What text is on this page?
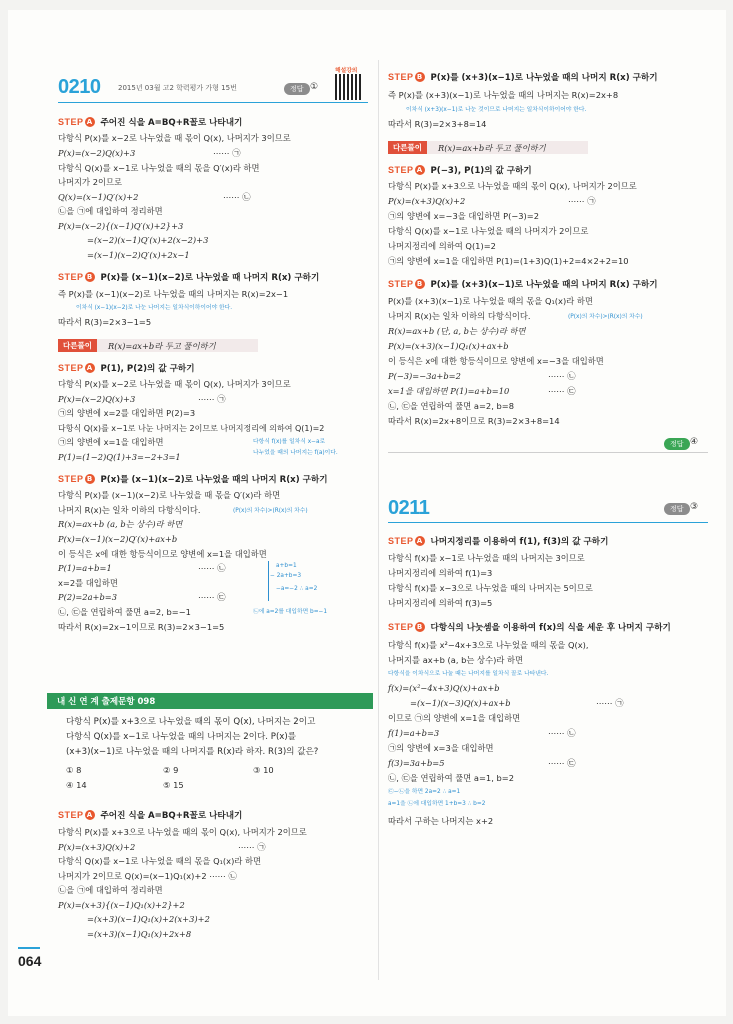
0210	2015년 03월 고2 학력평가 가형 15번	정답 ①
해설강의
STEP A 주어진 식을 A=BQ+R꼴로 나타내기
다항식 P(x)를 x−2로 나누었을 때 몫이 Q(x), 나머지가 3이므로
P(x)=(x−2)Q(x)+3	⋯⋯ ㉠
다항식 Q(x)를 x−1로 나누었을 때의 몫을 Q′(x)라 하면
나머지가 2이므로
Q(x)=(x−1)Q′(x)+2	⋯⋯ ㉡
㉡을 ㉠에 대입하여 정리하면
P(x)=(x−2){(x−1)Q′(x)+2}+3
=(x−2)(x−1)Q′(x)+2(x−2)+3
=(x−1)(x−2)Q′(x)+2x−1
STEP B P(x)를 (x−1)(x−2)로 나누었을 때 나머지 R(x) 구하기
즉 P(x)를 (x−1)(x−2)로 나누었을 때의 나머지는 R(x)=2x−1
이차식 (x−1)(x−2)로 나눈 나머지는 일차식이하이어야 한다.
따라서 R(3)=2×3−1=5
다른풀이	R(x)=ax+b라 두고 풀이하기
STEP A P(1), P(2)의 값 구하기
다항식 P(x)를 x−2로 나누었을 때 몫이 Q(x), 나머지가 3이므로
P(x)=(x−2)Q(x)+3	⋯⋯ ㉠
㉠의 양변에 x=2를 대입하면 P(2)=3
다항식 Q(x)를 x−1로 나눈 나머지는 2이므로 나머지정리에 의하여 Q(1)=2
㉠의 양변에 x=1을 대입하면	다항식 f(x)를 일차식 x−a로
나누었을 때의 나머지는 f(a)이다.
P(1)=(1−2)Q(1)+3=−2+3=1
STEP B P(x)를 (x−1)(x−2)로 나누었을 때의 나머지 R(x) 구하기
다항식 P(x)를 (x−1)(x−2)로 나누었을 때 몫을 Q′(x)라 하면
나머지 R(x)는 일차 이하의 다항식이다.	(P(x)의 차수)>(R(x)의 차수)
R(x)=ax+b (a, b는 상수)라 하면
P(x)=(x−1)(x−2)Q′(x)+ax+b
이 등식은 x에 대한 항등식이므로 양변에 x=1을 대입하면
P(1)=a+b=1	⋯⋯ ㉡
x=2를 대입하면
P(2)=2a+b=3	⋯⋯ ㉢
a+b=1
− 2a+b=3
−a=−2 ∴ a=2
㉡, ㉢을 연립하여 풀면 a=2, b=−1	㉡에 a=2를 대입하면 b=−1
따라서 R(x)=2x−1이므로 R(3)=2×3−1=5
내 신 연 계 출제문항 098
다항식 P(x)를 x+3으로 나누었을 때의 몫이 Q(x), 나머지는 2이고
다항식 Q(x)를 x−1로 나누었을 때의 나머지는 2이다. P(x)를
(x+3)(x−1)로 나누었을 때의 나머지를 R(x)라 하자. R(3)의 값은?
① 8	② 9	③ 10
④ 14	⑤ 15
STEP A 주어진 식을 A=BQ+R꼴로 나타내기
다항식 P(x)를 x+3으로 나누었을 때의 몫이 Q(x), 나머지가 2이므로
P(x)=(x+3)Q(x)+2	⋯⋯ ㉠
다항식 Q(x)를 x−1로 나누었을 때의 몫을 Q₁(x)라 하면
나머지가 2이므로 Q(x)=(x−1)Q₁(x)+2 ⋯⋯ ㉡
㉡을 ㉠에 대입하여 정리하면
P(x)=(x+3){(x−1)Q₁(x)+2}+2
=(x+3)(x−1)Q₁(x)+2(x+3)+2
=(x+3)(x−1)Q₁(x)+2x+8
064
STEP B P(x)를 (x+3)(x−1)로 나누었을 때의 나머지 R(x) 구하기
즉 P(x)를 (x+3)(x−1)로 나누었을 때의 나머지는 R(x)=2x+8
이차식 (x+3)(x−1)로 나눈 것이므로 나머지는 일차식이하이어야 한다.
따라서 R(3)=2×3+8=14
다른풀이	R(x)=ax+b라 두고 풀이하기
STEP A P(−3), P(1)의 값 구하기
다항식 P(x)를 x+3으로 나누었을 때의 몫이 Q(x), 나머지가 2이므로
P(x)=(x+3)Q(x)+2	⋯⋯ ㉠
㉠의 양변에 x=−3을 대입하면 P(−3)=2
다항식 Q(x)를 x−1로 나누었을 때의 나머지가 2이므로
나머지정리에 의하여 Q(1)=2
㉠의 양변에 x=1을 대입하면 P(1)=(1+3)Q(1)+2=4×2+2=10
STEP B P(x)를 (x+3)(x−1)로 나누었을 때의 나머지 R(x) 구하기
P(x)를 (x+3)(x−1)로 나누었을 때의 몫을 Q₁(x)라 하면
나머지 R(x)는 일차 이하의 다항식이다.	(P(x)의 차수)>(R(x)의 차수)
R(x)=ax+b (단, a, b는 상수)라 하면
P(x)=(x+3)(x−1)Q₁(x)+ax+b
이 등식은 x에 대한 항등식이므로 양변에 x=−3을 대입하면
P(−3)=−3a+b=2	⋯⋯ ㉡
x=1을 대입하면 P(1)=a+b=10	⋯⋯ ㉢
㉡, ㉢을 연립하여 풀면 a=2, b=8
따라서 R(x)=2x+8이므로 R(3)=2×3+8=14
정답 ④
0211	정답 ③
STEP A 나머지정리를 이용하여 f(1), f(3)의 값 구하기
다항식 f(x)를 x−1로 나누었을 때의 나머지는 3이므로
나머지정리에 의하여 f(1)=3
다항식 f(x)를 x−3으로 나누었을 때의 나머지는 5이므로
나머지정리에 의하여 f(3)=5
STEP B 다항식의 나눗셈을 이용하여 f(x)의 식을 세운 후 나머지 구하기
다항식 f(x)를 x²−4x+3으로 나누었을 때의 몫을 Q(x),
나머지를 ax+b (a, b는 상수)라 하면
다항식을 이차식으로 나눌 때는 나머지를 일차식 꼴로 나타낸다.
f(x)=(x²−4x+3)Q(x)+ax+b
=(x−1)(x−3)Q(x)+ax+b	⋯⋯ ㉠
이므로 ㉠의 양변에 x=1을 대입하면
f(1)=a+b=3	⋯⋯ ㉡
㉠의 양변에 x=3을 대입하면
f(3)=3a+b=5	⋯⋯ ㉢
㉡, ㉢을 연립하여 풀면 a=1, b=2
㉢−㉡을 하면 2a=2 ∴ a=1
a=1을 ㉡에 대입하면 1+b=3 ∴ b=2
따라서 구하는 나머지는 x+2
